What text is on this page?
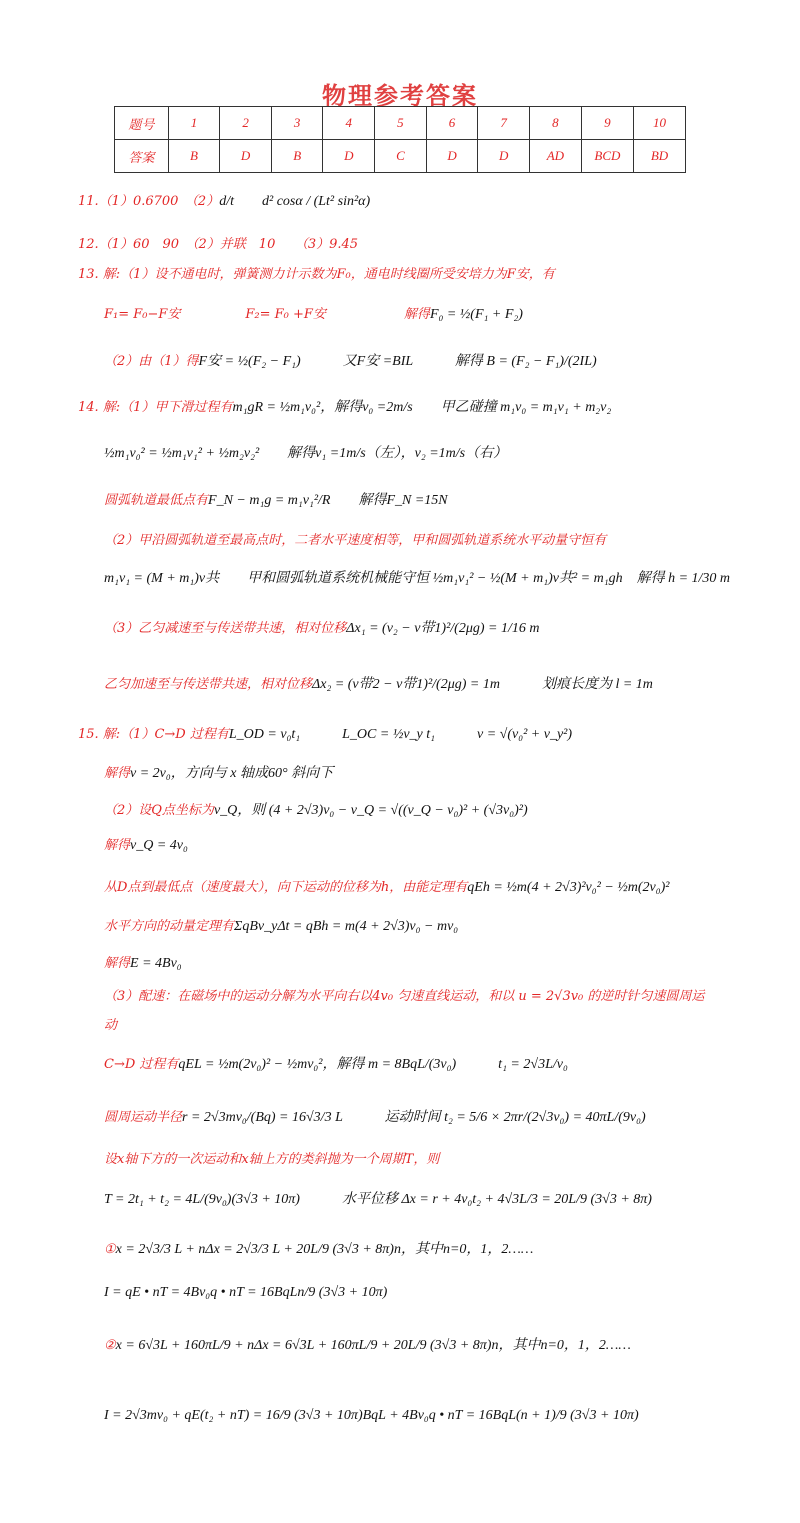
物理参考答案
题号	1	2	3	4	5	6	7	8	9	10
答案	B	D	B	D	C	D	D	AD	BCD	BD
11.（1）0.6700　（2）d/t　　d² cosα / (Lt² sin²α)
12.（1）60　90　（2）并联　10　　（3）9.45
13. 解:（1）设不通电时，弹簧测力计示数为F₀，通电时线圈所受安培力为F安，有
F₁= F₀−F安　　　　　F₂= F₀ +F安　　　　　　解得F₀ = ½(F₁ + F₂)
（2）由（1）得F安 = ½(F₂ − F₁)　　　又F安 =BIL　　　解得 B = (F₂ − F₁)/(2IL)
14. 解:（1）甲下滑过程有m₁gR = ½m₁v₀²，解得v₀ =2m/s　　甲乙碰撞 m₁v₀ = m₁v₁ + m₂v₂
½m₁v₀² = ½m₁v₁² + ½m₂v₂²　　解得v₁ =1m/s（左），v₂ =1m/s（右）
圆弧轨道最低点有F_N − m₁g = m₁v₁²/R　　解得F_N =15N
（2）甲沿圆弧轨道至最高点时，二者水平速度相等，甲和圆弧轨道系统水平动量守恒有
m₁v₁ = (M + m₁)v共　　甲和圆弧轨道系统机械能守恒 ½m₁v₁² − ½(M + m₁)v共² = m₁gh　解得 h = 1/30 m
（3）乙匀减速至与传送带共速，相对位移Δx₁ = (v₂ − v带1)²/(2μg) = 1/16 m
乙匀加速至与传送带共速，相对位移Δx₂ = (v带2 − v带1)²/(2μg) = 1m　　　划痕长度为 l = 1m
15. 解:（1）C→D 过程有L_OD = v₀t₁　　　L_OC = ½v_y t₁　　　v = √(v₀² + v_y²)
解得v = 2v₀，方向与 x 轴成60° 斜向下
（2）设Q点坐标为v_Q，则 (4 + 2√3)v₀ − v_Q = √((v_Q − v₀)² + (√3v₀)²)
解得v_Q = 4v₀
从D点到最低点（速度最大），向下运动的位移为h，由能定理有qEh = ½m(4 + 2√3)²v₀² − ½m(2v₀)²
水平方向的动量定理有ΣqBv_yΔt = qBh = m(4 + 2√3)v₀ − mv₀
解得E = 4Bv₀
（3）配速：在磁场中的运动分解为水平向右以4v₀ 匀速直线运动，和以 u = 2√3v₀ 的逆时针匀速圆周运
动
C→D 过程有qEL = ½m(2v₀)² − ½mv₀²，解得 m = 8BqL/(3v₀)　　　t₁ = 2√3L/v₀
圆周运动半径r = 2√3mv₀/(Bq) = 16√3/3 L　　　运动时间 t₂ = 5/6 × 2πr/(2√3v₀) = 40πL/(9v₀)
设x轴下方的一次运动和x轴上方的类斜抛为一个周期T，则
T = 2t₁ + t₂ = 4L/(9v₀)(3√3 + 10π)　　　水平位移 Δx = r + 4v₀t₂ + 4√3L/3 = 20L/9 (3√3 + 8π)
①x = 2√3/3 L + nΔx = 2√3/3 L + 20L/9 (3√3 + 8π)n，其中n=0，1，2……
I = qE • nT = 4Bv₀q • nT = 16BqLn/9 (3√3 + 10π)
②x = 6√3L + 160πL/9 + nΔx = 6√3L + 160πL/9 + 20L/9 (3√3 + 8π)n，其中n=0，1，2……
I = 2√3mv₀ + qE(t₂ + nT) = 16/9 (3√3 + 10π)BqL + 4Bv₀q • nT = 16BqL(n + 1)/9 (3√3 + 10π)
